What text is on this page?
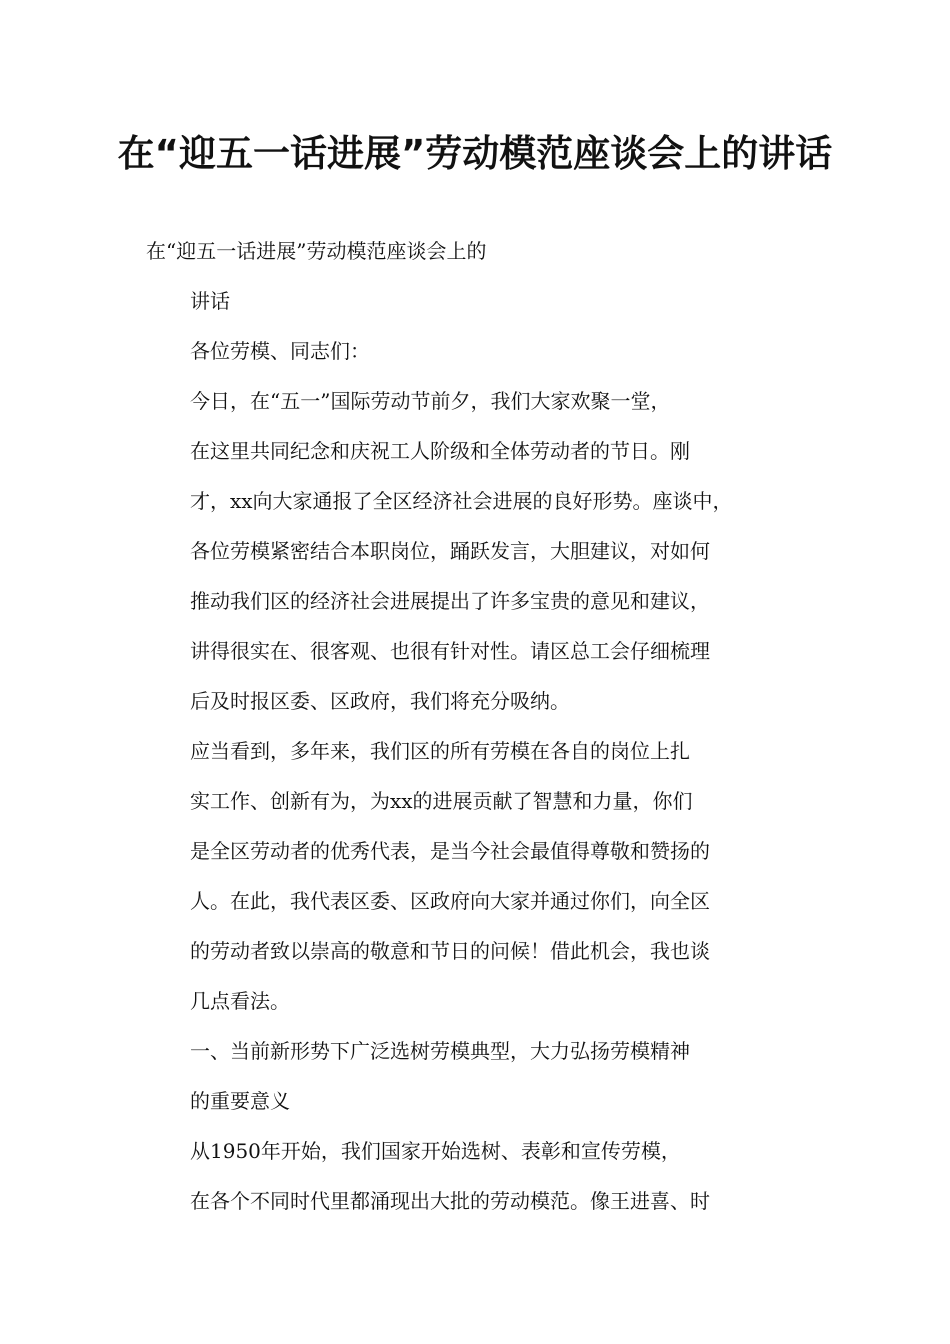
在“迎五一话进展”劳动模范座谈会上的讲话
在“迎五一话进展”劳动模范座谈会上的
讲话
各位劳模、同志们：
今日，在“五一”国际劳动节前夕，我们大家欢聚一堂，
在这里共同纪念和庆祝工人阶级和全体劳动者的节日。刚
才，xx向大家通报了全区经济社会进展的良好形势。座谈中，
各位劳模紧密结合本职岗位，踊跃发言，大胆建议，对如何
推动我们区的经济社会进展提出了许多宝贵的意见和建议，
讲得很实在、很客观、也很有针对性。请区总工会仔细梳理
后及时报区委、区政府，我们将充分吸纳。
应当看到，多年来，我们区的所有劳模在各自的岗位上扎
实工作、创新有为，为xx的进展贡献了智慧和力量，你们
是全区劳动者的优秀代表，是当今社会最值得尊敬和赞扬的
人。在此，我代表区委、区政府向大家并通过你们，向全区
的劳动者致以崇高的敬意和节日的问候！借此机会，我也谈
几点看法。
一、当前新形势下广泛选树劳模典型，大力弘扬劳模精神
的重要意义
从1950年开始，我们国家开始选树、表彰和宣传劳模，
在各个不同时代里都涌现出大批的劳动模范。像王进喜、时
